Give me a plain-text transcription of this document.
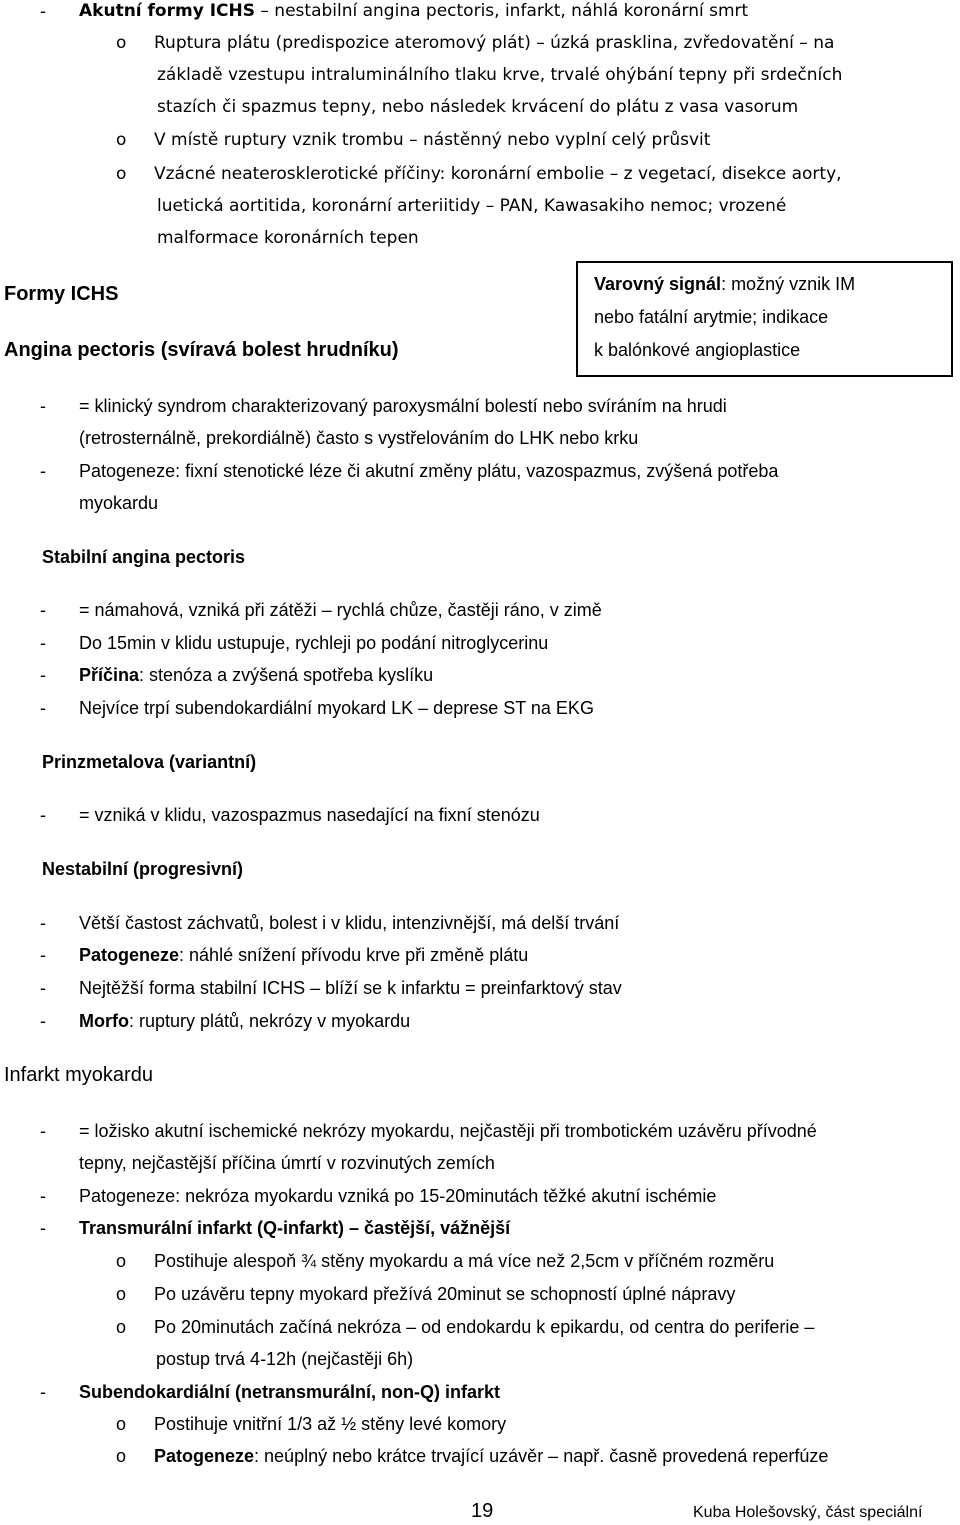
- Akutní formy ICHS – nestabilní angina pectoris, infarkt, náhlá koronární smrt
o Ruptura plátu (predispozice ateromový plát) – úzká prasklina, zvředovatění – na
základě vzestupu intraluminálního tlaku krve, trvalé ohýbání tepny při srdečních
stazích či spazmus tepny, nebo následek krvácení do plátu z vasa vasorum
o V místě ruptury vznik trombu – nástěnný nebo vyplní celý průsvit
o Vzácné neaterosklerotické příčiny: koronární embolie – z vegetací, disekce aorty,
luetická aortitida, koronární arteriitidy – PAN, Kawasakiho nemoc; vrozené
malformace koronárních tepen
Formy ICHS
Angina pectoris (svíravá bolest hrudníku)
Varovný signál: možný vznik IM
nebo fatální arytmie; indikace
k balónkové angioplastice
- = klinický syndrom charakterizovaný paroxysmální bolestí nebo svíráním na hrudi
(retrosternálně, prekordiálně) často s vystřelováním do LHK nebo krku
- Patogeneze: fixní stenotické léze či akutní změny plátu, vazospazmus, zvýšená potřeba
myokardu
Stabilní angina pectoris
- = námahová, vzniká při zátěži – rychlá chůze, častěji ráno, v zimě
- Do 15min v klidu ustupuje, rychleji po podání nitroglycerinu
- Příčina: stenóza a zvýšená spotřeba kyslíku
- Nejvíce trpí subendokardiální myokard LK – deprese ST na EKG
Prinzmetalova (variantní)
- = vzniká v klidu, vazospazmus nasedající na fixní stenózu
Nestabilní (progresivní)
- Větší častost záchvatů, bolest i v klidu, intenzivnější, má delší trvání
- Patogeneze: náhlé snížení přívodu krve při změně plátu
- Nejtěžší forma stabilní ICHS – blíží se k infarktu = preinfarktový stav
- Morfo: ruptury plátů, nekrózy v myokardu
Infarkt myokardu
- = ložisko akutní ischemické nekrózy myokardu, nejčastěji při trombotickém uzávěru přívodné
tepny, nejčastější příčina úmrtí v rozvinutých zemích
- Patogeneze: nekróza myokardu vzniká po 15-20minutách těžké akutní ischémie
- Transmurální infarkt (Q-infarkt) – častější, vážnější
o Postihuje alespoň ¾ stěny myokardu a má více než 2,5cm v příčném rozměru
o Po uzávěru tepny myokard přežívá 20minut se schopností úplné nápravy
o Po 20minutách začíná nekróza – od endokardu k epikardu, od centra do periferie –
postup trvá 4-12h (nejčastěji 6h)
- Subendokardiální (netransmurální, non-Q) infarkt
o Postihuje vnitřní 1/3 až ½ stěny levé komory
o Patogeneze: neúplný nebo krátce trvající uzávěr – např. časně provedená reperfúze
19	Kuba Holešovský, část speciální
